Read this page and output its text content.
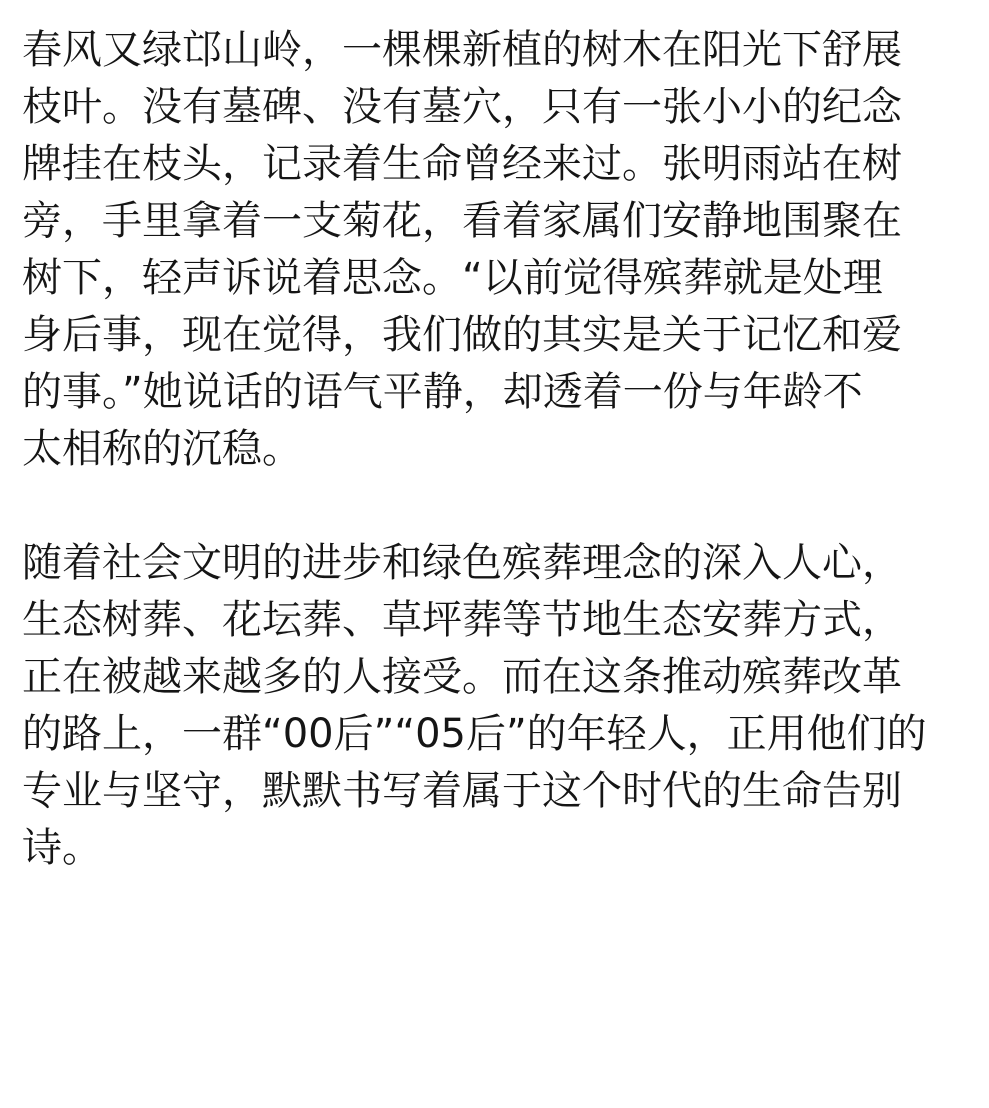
春风又绿邙山岭，一棵棵新植的树木在阳光下舒展
枝叶。没有墓碑、没有墓穴，只有一张小小的纪念
牌挂在枝头，记录着生命曾经来过。张明雨站在树
旁，手里拿着一支菊花，看着家属们安静地围聚在
树下，轻声诉说着思念。“以前觉得殡葬就是处理
身后事，现在觉得，我们做的其实是关于记忆和爱
的事。”她说话的语气平静，却透着一份与年龄不
太相称的沉稳。
随着社会文明的进步和绿色殡葬理念的深入人心，
生态树葬、花坛葬、草坪葬等节地生态安葬方式，
正在被越来越多的人接受。而在这条推动殡葬改革
的路上，一群“00后”“05后”的年轻人，正用他们的
专业与坚守，默默书写着属于这个时代的生命告别
诗。
